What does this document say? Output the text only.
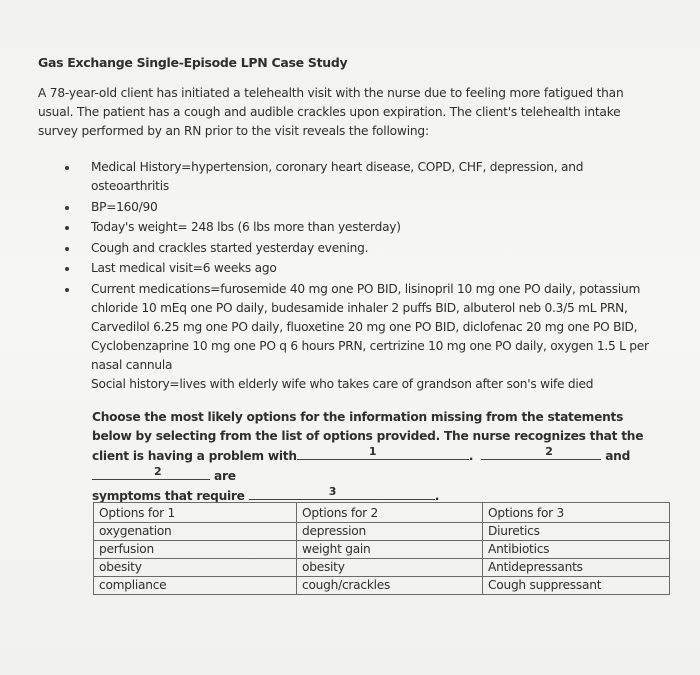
Gas Exchange Single-Episode LPN Case Study
A 78-year-old client has initiated a telehealth visit with the nurse due to feeling more fatigued than usual. The patient has a cough and audible crackles upon expiration. The client's telehealth intake survey performed by an RN prior to the visit reveals the following:
Medical History=hypertension, coronary heart disease, COPD, CHF, depression, and osteoarthritis
BP=160/90
Today's weight= 248 lbs (6 lbs more than yesterday)
Cough and crackles started yesterday evening.
Last medical visit=6 weeks ago
Current medications=furosemide 40 mg one PO BID, lisinopril 10 mg one PO daily, potassium chloride 10 mEq one PO daily, budesamide inhaler 2 puffs BID, albuterol neb 0.3/5 mL PRN, Carvedilol 6.25 mg one PO daily, fluoxetine 20 mg one PO BID, diclofenac 20 mg one PO BID, Cyclobenzaprine 10 mg one PO q 6 hours PRN, certrizine 10 mg one PO daily, oxygen 1.5 L per nasal cannula
Social history=lives with elderly wife who takes care of grandson after son's wife died
Choose the most likely options for the information missing from the statements below by selecting from the list of options provided. The nurse recognizes that the client is having a problem with	1	.	2	and
2	are
symptoms that require	3	.
Options for 1	Options for 2	Options for 3
oxygenation	depression	Diuretics
perfusion	weight gain	Antibiotics
obesity	obesity	Antidepressants
compliance	cough/crackles	Cough suppressant
